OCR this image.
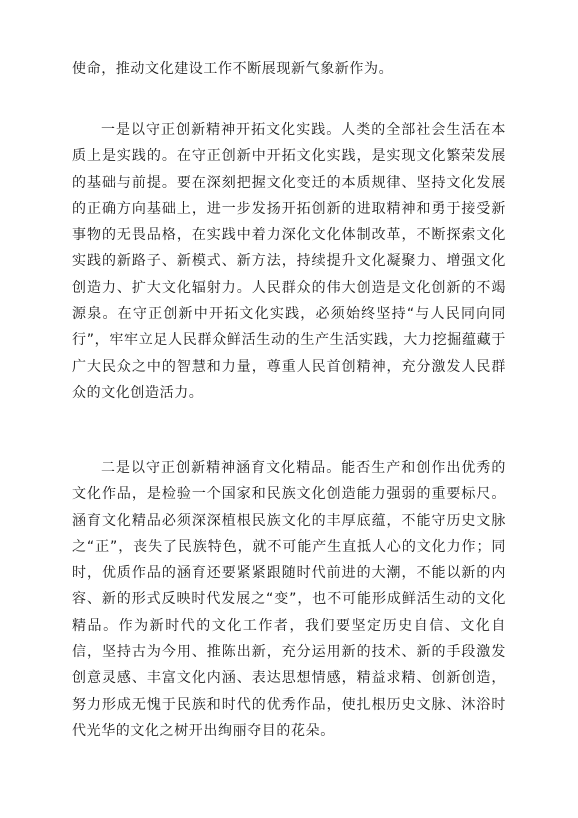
使命，推动文化建设工作不断展现新气象新作为。

一是以守正创新精神开拓文化实践。人类的全部社会生活在本质上是实践的。在守正创新中开拓文化实践，是实现文化繁荣发展的基础与前提。要在深刻把握文化变迁的本质规律、坚持文化发展的正确方向基础上，进一步发扬开拓创新的进取精神和勇于接受新事物的无畏品格，在实践中着力深化文化体制改革，不断探索文化实践的新路子、新模式、新方法，持续提升文化凝聚力、增强文化创造力、扩大文化辐射力。人民群众的伟大创造是文化创新的不竭源泉。在守正创新中开拓文化实践，必须始终坚持“与人民同向同行”，牢牢立足人民群众鲜活生动的生产生活实践，大力挖掘蕴藏于广大民众之中的智慧和力量，尊重人民首创精神，充分激发人民群众的文化创造活力。

二是以守正创新精神涵育文化精品。能否生产和创作出优秀的文化作品，是检验一个国家和民族文化创造能力强弱的重要标尺。涵育文化精品必须深深植根民族文化的丰厚底蕴，不能守历史文脉之“正”，丧失了民族特色，就不可能产生直抵人心的文化力作；同时，优质作品的涵育还要紧紧跟随时代前进的大潮，不能以新的内容、新的形式反映时代发展之“变”，也不可能形成鲜活生动的文化精品。作为新时代的文化工作者，我们要坚定历史自信、文化自信，坚持古为今用、推陈出新，充分运用新的技术、新的手段激发创意灵感、丰富文化内涵、表达思想情感，精益求精、创新创造，努力形成无愧于民族和时代的优秀作品，使扎根历史文脉、沐浴时代光华的文化之树开出绚丽夺目的花朵。
